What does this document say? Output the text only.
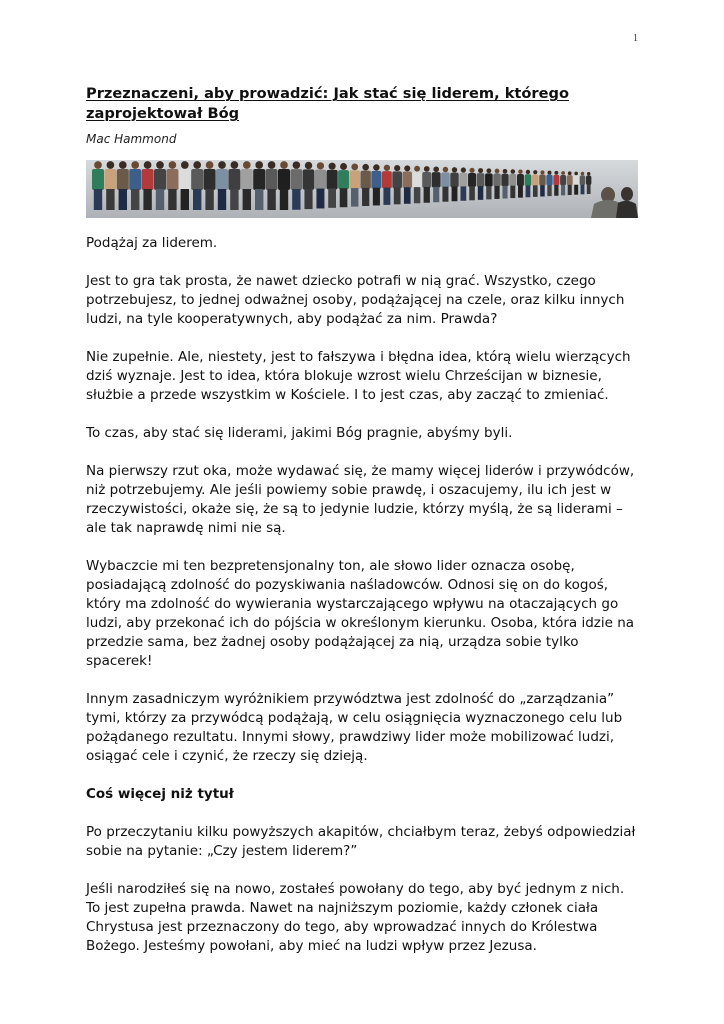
1
Przeznaczeni, aby prowadzić: Jak stać się liderem, którego zaprojektował Bóg

Mac Hammond

Podążaj za liderem.

Jest to gra tak prosta, że nawet dziecko potrafi w nią grać. Wszystko, czego potrzebujesz, to jednej odważnej osoby, podążającej na czele, oraz kilku innych ludzi, na tyle kooperatywnych, aby podążać za nim. Prawda?

Nie zupełnie. Ale, niestety, jest to fałszywa i błędna idea, którą wielu wierzących dziś wyznaje. Jest to idea, która blokuje wzrost wielu Chrześcijan w biznesie, służbie a przede wszystkim w Kościele. I to jest czas, aby zacząć to zmieniać.

To czas, aby stać się liderami, jakimi Bóg pragnie, abyśmy byli.

Na pierwszy rzut oka, może wydawać się, że mamy więcej liderów i przywódców, niż potrzebujemy. Ale jeśli powiemy sobie prawdę, i oszacujemy, ilu ich jest w rzeczywistości, okaże się, że są to jedynie ludzie, którzy myślą, że są liderami – ale tak naprawdę nimi nie są.

Wybaczcie mi ten bezpretensjonalny ton, ale słowo lider oznacza osobę, posiadającą zdolność do pozyskiwania naśladowców. Odnosi się on do kogoś, który ma zdolność do wywierania wystarczającego wpływu na otaczających go ludzi, aby przekonać ich do pójścia w określonym kierunku. Osoba, która idzie na przedzie sama, bez żadnej osoby podążającej za nią, urządza sobie tylko spacerek!

Innym zasadniczym wyróżnikiem przywództwa jest zdolność do „zarządzania” tymi, którzy za przywódcą podążają, w celu osiągnięcia wyznaczonego celu lub pożądanego rezultatu. Innymi słowy, prawdziwy lider może mobilizować ludzi, osiągać cele i czynić, że rzeczy się dzieją.

Coś więcej niż tytuł

Po przeczytaniu kilku powyższych akapitów, chciałbym teraz, żebyś odpowiedział sobie na pytanie: „Czy jestem liderem?”

Jeśli narodziłeś się na nowo, zostałeś powołany do tego, aby być jednym z nich. To jest zupełna prawda. Nawet na najniższym poziomie, każdy członek ciała Chrystusa jest przeznaczony do tego, aby wprowadzać innych do Królestwa Bożego. Jesteśmy powołani, aby mieć na ludzi wpływ przez Jezusa.
